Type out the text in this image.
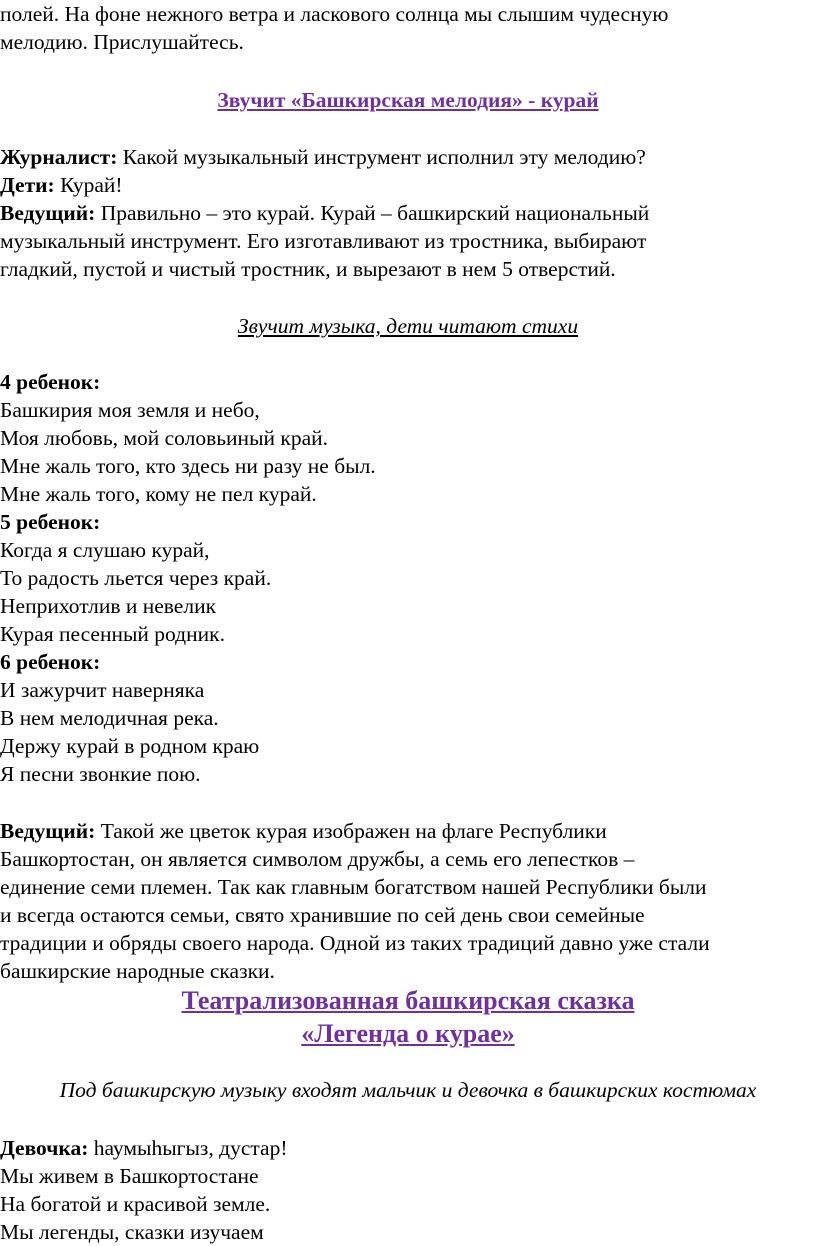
полей. На фоне нежного ветра и ласкового солнца мы слышим чудесную
мелодию. Прислушайтесь.
Звучит «Башкирская мелодия» - курай
Журналист: Какой музыкальный инструмент исполнил эту мелодию?
Дети: Курай!
Ведущий: Правильно – это курай. Курай – башкирский национальный
музыкальный инструмент. Его изготавливают из тростника, выбирают
гладкий, пустой и чистый тростник, и вырезают в нем 5 отверстий.
Звучит музыка, дети читают стихи
4 ребенок:
Башкирия моя земля и небо,
Моя любовь, мой соловьиный край.
Мне жаль того, кто здесь ни разу не был.
Мне жаль того, кому не пел курай.
5 ребенок:
Когда я слушаю курай,
То радость льется через край.
Неприхотлив и невелик
Курая песенный родник.
6 ребенок:
И зажурчит наверняка
В нем мелодичная река.
Держу курай в родном краю
Я песни звонкие пою.
Ведущий: Такой же цветок курая изображен на флаге Республики
Башкортостан, он является символом дружбы, а семь его лепестков –
единение семи племен. Так как главным богатством нашей Республики были
и всегда остаются семьи, свято хранившие по сей день свои семейные
традиции и обряды своего народа. Одной из таких традиций давно уже стали
башкирские народные сказки.
Театрализованная башкирская сказка
«Легенда о курае»
Под башкирскую музыку входят мальчик и девочка в башкирских костюмах
Девочка: һаумыһыгыз, дустар!
Мы живем в Башкортостане
На богатой и красивой земле.
Мы легенды, сказки изучаем
